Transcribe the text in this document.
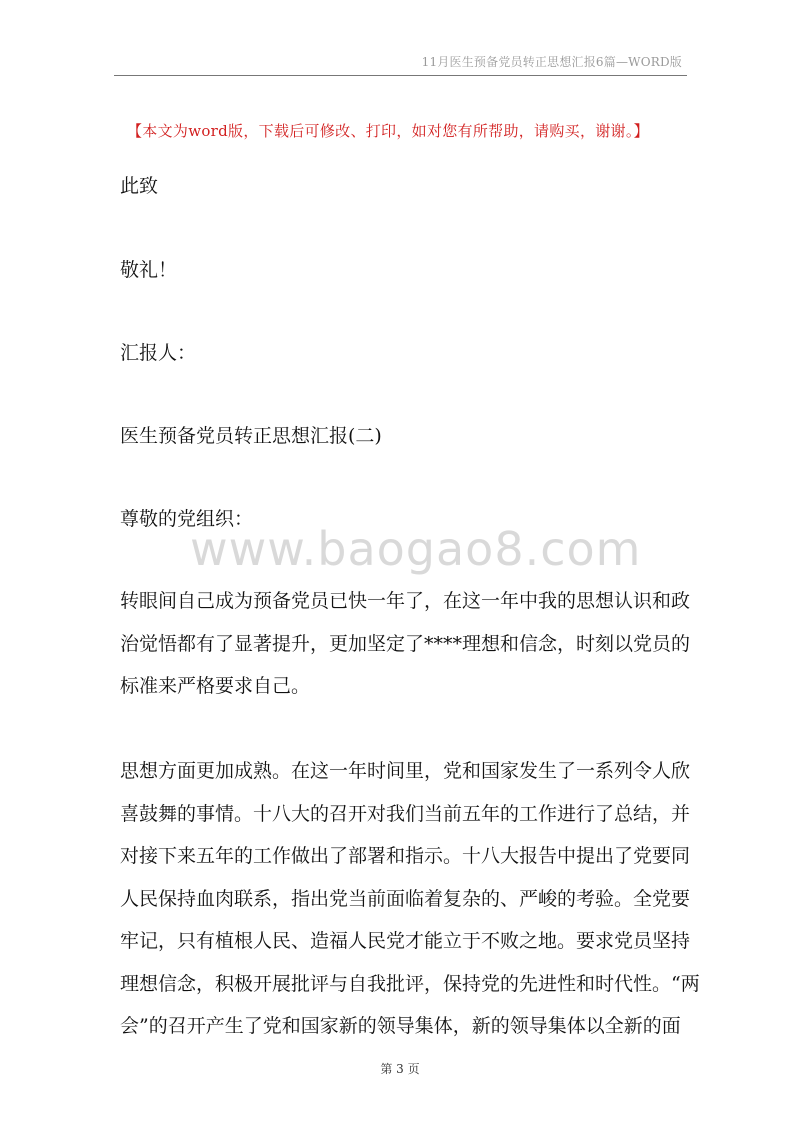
11月医生预备党员转正思想汇报6篇—WORD版
【本文为word版，下载后可修改、打印，如对您有所帮助，请购买，谢谢。】
此致
敬礼！
汇报人：
医生预备党员转正思想汇报(二)
尊敬的党组织：
www.baogao8.com
转眼间自己成为预备党员已快一年了，在这一年中我的思想认识和政
治觉悟都有了显著提升，更加坚定了****理想和信念，时刻以党员的
标准来严格要求自己。
思想方面更加成熟。在这一年时间里，党和国家发生了一系列令人欣
喜鼓舞的事情。十八大的召开对我们当前五年的工作进行了总结，并
对接下来五年的工作做出了部署和指示。十八大报告中提出了党要同
人民保持血肉联系，指出党当前面临着复杂的、严峻的考验。全党要
牢记，只有植根人民、造福人民党才能立于不败之地。要求党员坚持
理想信念，积极开展批评与自我批评，保持党的先进性和时代性。“两
会”的召开产生了党和国家新的领导集体，新的领导集体以全新的面
第 3 页
